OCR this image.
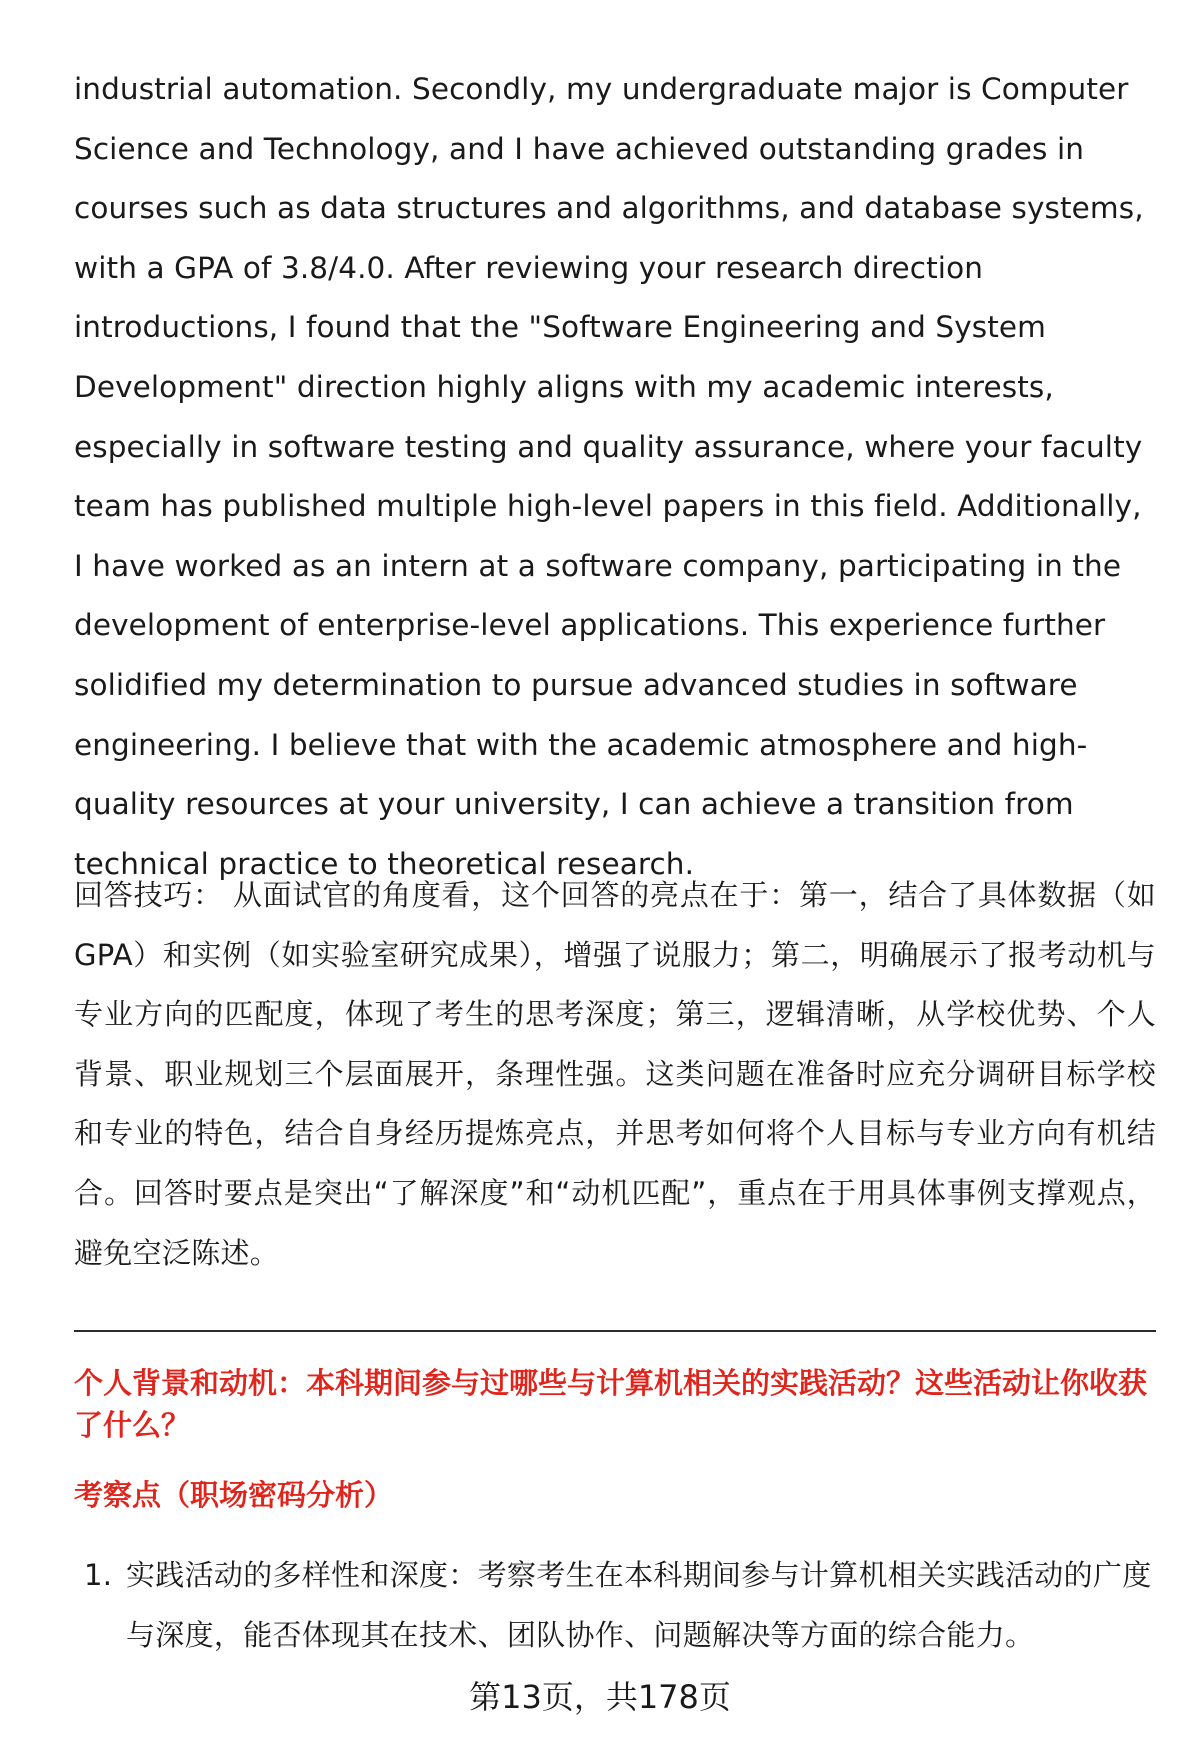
industrial automation. Secondly, my undergraduate major is Computer Science and Technology, and I have achieved outstanding grades in courses such as data structures and algorithms, and database systems, with a GPA of 3.8/4.0. After reviewing your research direction introductions, I found that the "Software Engineering and System Development" direction highly aligns with my academic interests, especially in software testing and quality assurance, where your faculty team has published multiple high-level papers in this field. Additionally, I have worked as an intern at a software company, participating in the development of enterprise-level applications. This experience further solidified my determination to pursue advanced studies in software engineering. I believe that with the academic atmosphere and high-quality resources at your university, I can achieve a transition from technical practice to theoretical research.

回答技巧： 从面试官的角度看，这个回答的亮点在于：第一，结合了具体数据（如GPA）和实例（如实验室研究成果），增强了说服力；第二，明确展示了报考动机与专业方向的匹配度，体现了考生的思考深度；第三，逻辑清晰，从学校优势、个人背景、职业规划三个层面展开，条理性强。这类问题在准备时应充分调研目标学校和专业的特色，结合自身经历提炼亮点，并思考如何将个人目标与专业方向有机结合。回答时要点是突出“了解深度”和“动机匹配”，重点在于用具体事例支撑观点，避免空泛陈述。

个人背景和动机：本科期间参与过哪些与计算机相关的实践活动？这些活动让你收获了什么？

考察点（职场密码分析）

1. 实践活动的多样性和深度：考察考生在本科期间参与计算机相关实践活动的广度与深度，能否体现其在技术、团队协作、问题解决等方面的综合能力。
第13页，共178页
